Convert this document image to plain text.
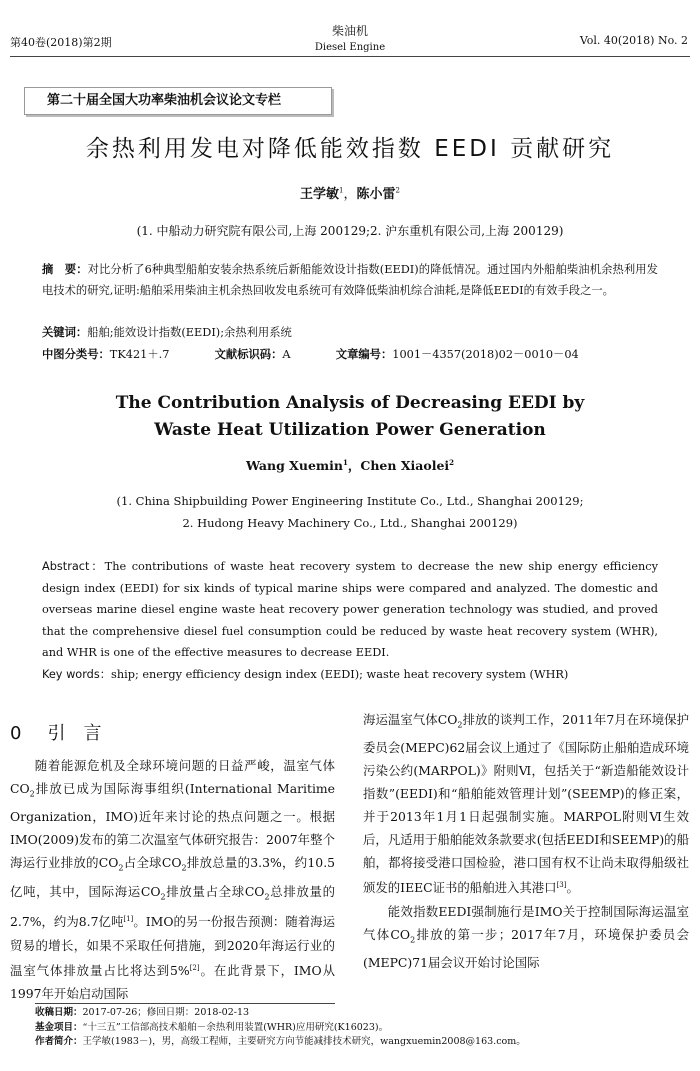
第40卷(2018)第2期
柴油机
Diesel Engine
Vol. 40(2018) No. 2
第二十届全国大功率柴油机会议论文专栏
余热利用发电对降低能效指数 EEDI 贡献研究
王学敏$^1$，陈小雷$^2$
(1. 中船动力研究院有限公司,上海 200129;2. 沪东重机有限公司,上海 200129)
摘　要：对比分析了6种典型船舶安装余热系统后新船能效设计指数(EEDI)的降低情况。通过国内外船舶柴油机余热利用发电技术的研究,证明:船舶采用柴油主机余热回收发电系统可有效降低柴油机综合油耗,是降低EEDI的有效手段之一。
关键词：船舶;能效设计指数(EEDI);余热利用系统
中图分类号：TK421＋.7	文献标识码：A	文章编号：1001－4357(2018)02－0010－04
The Contribution Analysis of Decreasing EEDI by
Waste Heat Utilization Power Generation
Wang Xuemin$^1$，Chen Xiaolei$^2$
(1. China Shipbuilding Power Engineering Institute Co., Ltd., Shanghai 200129;
2. Hudong Heavy Machinery Co., Ltd., Shanghai 200129)
Abstract：The contributions of waste heat recovery system to decrease the new ship energy efficiency design index (EEDI) for six kinds of typical marine ships were compared and analyzed. The domestic and overseas marine diesel engine waste heat recovery power generation technology was studied, and proved that the comprehensive diesel fuel consumption could be reduced by waste heat recovery system (WHR), and WHR is one of the effective measures to decrease EEDI.
Key words：ship; energy efficiency design index (EEDI); waste heat recovery system (WHR)
0 引　言

随着能源危机及全球环境问题的日益严峻，温室气体$CO_2$排放已成为国际海事组织(International Maritime Organization，IMO)近年来讨论的热点问题之一。根据IMO(2009)发布的第二次温室气体研究报告：2007年整个海运行业排放的$CO_2$占全球$CO_2$排放总量的3.3%，约10.5亿吨，其中，国际海运$CO_2$排放量占全球$CO_2$总排放量的2.7%，约为8.7亿吨[1]。IMO的另一份报告预测：随着海运贸易的增长，如果不采取任何措施，到2020年海运行业的温室气体排放量占比将达到5%[2]。在此背景下，IMO从1997年开始启动国际

海运温室气体$CO_2$排放的谈判工作，2011年7月在环境保护委员会(MEPC)62届会议上通过了《国际防止船舶造成环境污染公约(MARPOL)》附则Ⅵ，包括关于“新造船能效设计指数”(EEDI)和“船舶能效管理计划”(SEEMP)的修正案，并于2013年1月1日起强制实施。MARPOL附则Ⅵ生效后，凡适用于船舶能效条款要求(包括EEDI和SEEMP)的船舶，都将接受港口国检验，港口国有权不让尚未取得船级社颁发的IEEC证书的船舶进入其港口[3]。

能效指数EEDI强制施行是IMO关于控制国际海运温室气体$CO_2$排放的第一步；2017年7月，环境保护委员会(MEPC)71届会议开始讨论国际

收稿日期：2017-07-26；修回日期：2018-02-13
基金项目：“十三五”工信部高技术船舶－余热利用装置(WHR)应用研究(K16023)。
作者简介：王学敏(1983－)，男，高级工程师，主要研究方向节能减排技术研究，wangxuemin2008@163.com。
